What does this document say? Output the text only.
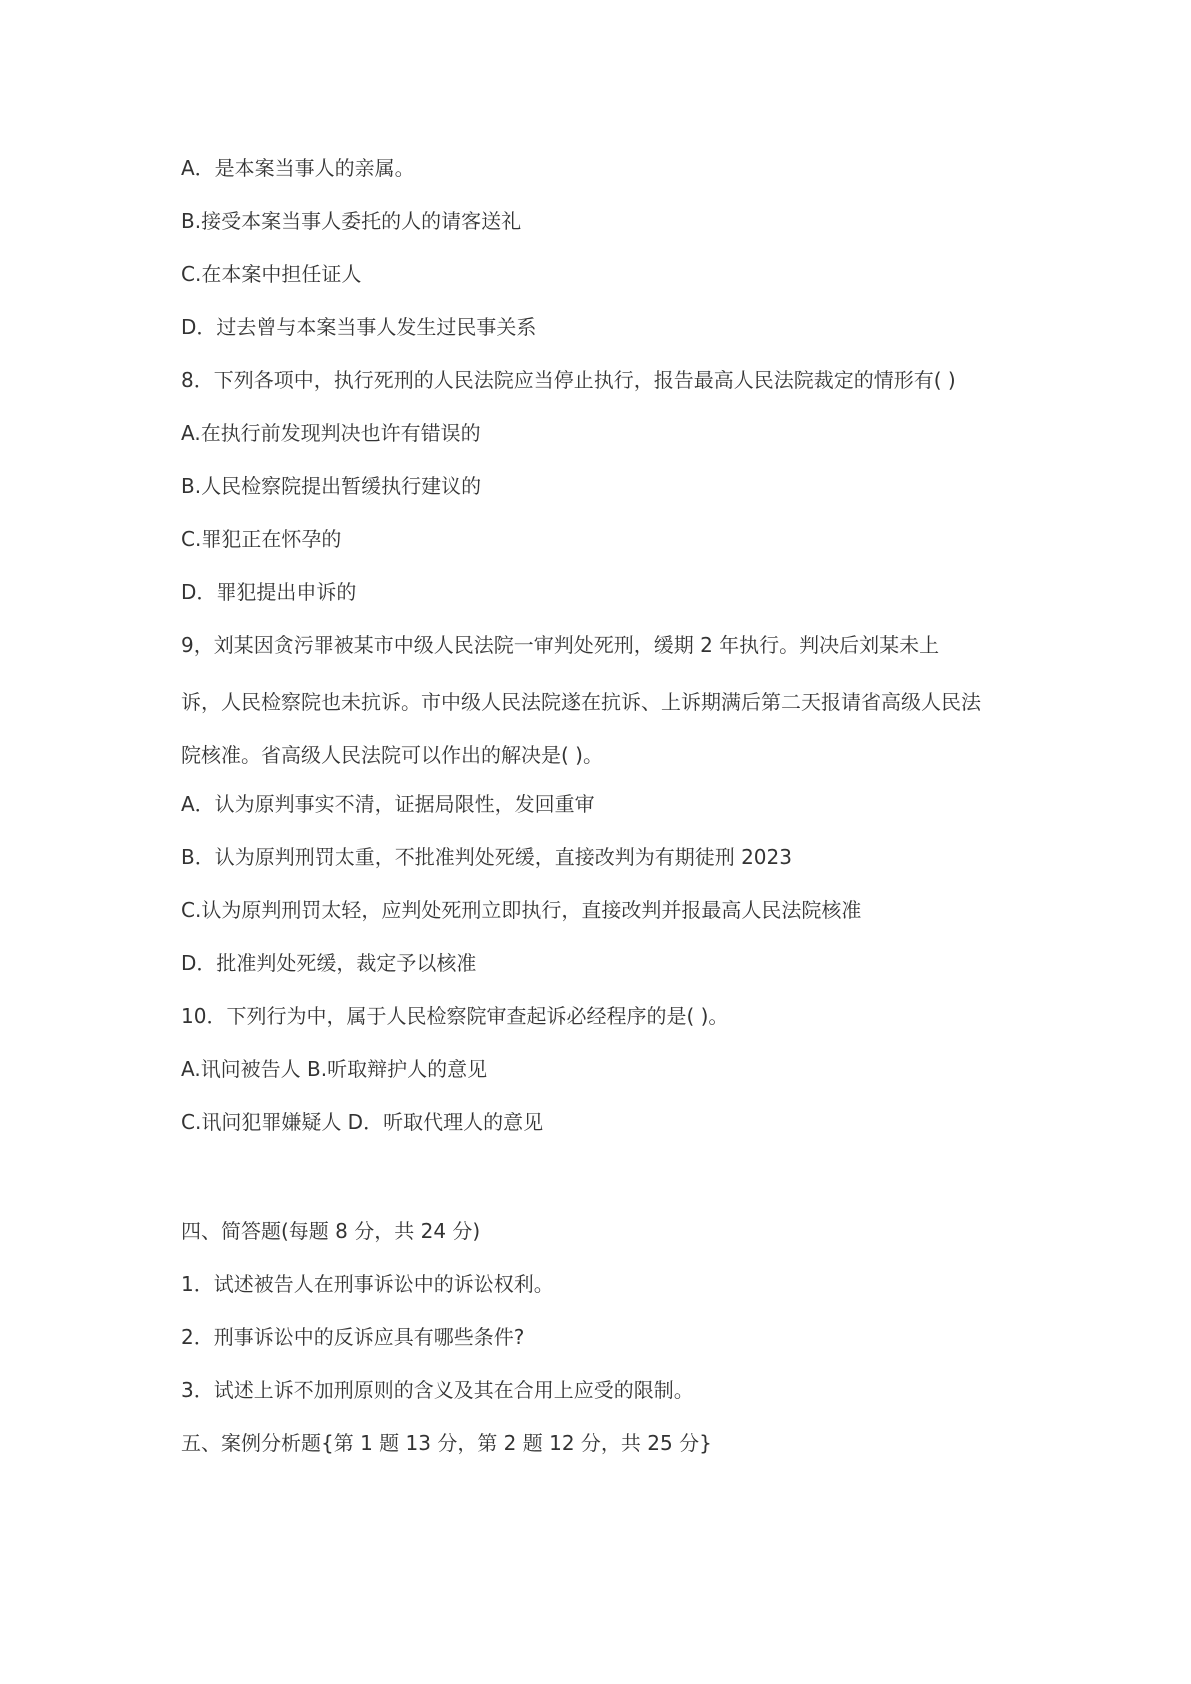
A．是本案当事人的亲属。
B.接受本案当事人委托的人的请客送礼
C.在本案中担任证人
D．过去曾与本案当事人发生过民事关系
8．下列各项中，执行死刑的人民法院应当停止执行，报告最高人民法院裁定的情形有( )
A.在执行前发现判决也许有错误的
B.人民检察院提出暂缓执行建议的
C.罪犯正在怀孕的
D．罪犯提出申诉的
9，刘某因贪污罪被某市中级人民法院一审判处死刑，缓期 2 年执行。判决后刘某未上
诉，人民检察院也未抗诉。市中级人民法院遂在抗诉、上诉期满后第二天报请省高级人民法
院核准。省高级人民法院可以作出的解决是( )。
A．认为原判事实不清，证据局限性，发回重审
B．认为原判刑罚太重，不批准判处死缓，直接改判为有期徒刑 2023
C.认为原判刑罚太轻，应判处死刑立即执行，直接改判并报最高人民法院核准
D．批准判处死缓，裁定予以核准
10．下列行为中，属于人民检察院审查起诉必经程序的是( )。
A.讯问被告人 B.听取辩护人的意见
C.讯问犯罪嫌疑人 D．听取代理人的意见
四、简答题(每题 8 分，共 24 分)
1．试述被告人在刑事诉讼中的诉讼权利。
2．刑事诉讼中的反诉应具有哪些条件?
3．试述上诉不加刑原则的含义及其在合用上应受的限制。
五、案例分析题{第 1 题 13 分，第 2 题 12 分，共 25 分}
